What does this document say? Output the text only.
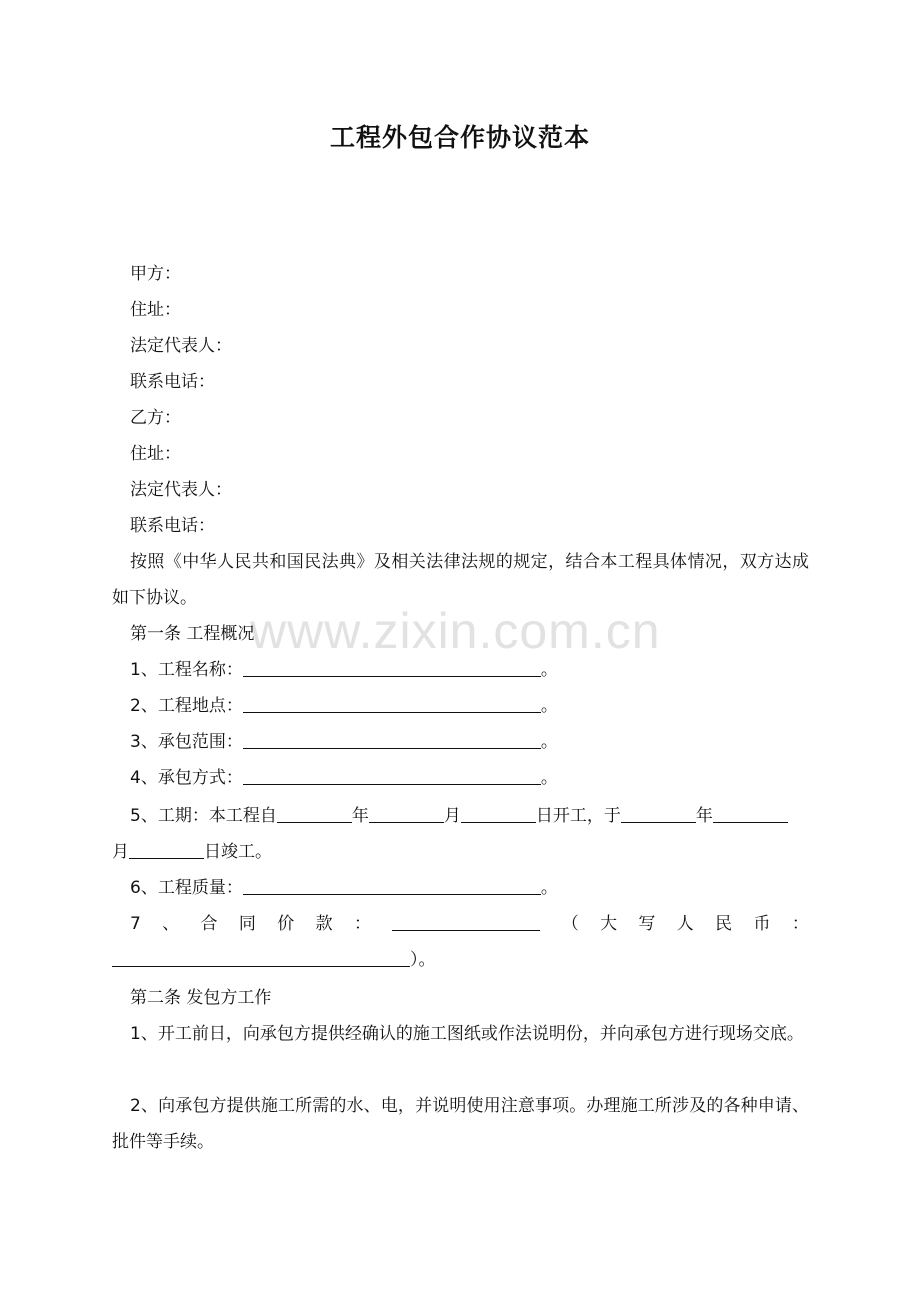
www.zixin.com.cn
工程外包合作协议范本
甲方：
住址：
法定代表人：
联系电话：
乙方：
住址：
法定代表人：
联系电话：
按照《中华人民共和国民法典》及相关法律法规的规定，结合本工程具体情况，双方达成如下协议。
第一条 工程概况
1、工程名称：	。
2、工程地点：	。
3、承包范围：	。
4、承包方式：	。
5、工期：本工程自	年	月	日开工，于	年
月	日竣工。
6、工程质量：	。
7 、 合 同 价 款 ：	（ 大 写 人 民 币 ：
）。
第二条 发包方工作
1、开工前日，向承包方提供经确认的施工图纸或作法说明份，并向承包方进行现场交底。
2、向承包方提供施工所需的水、电，并说明使用注意事项。办理施工所涉及的各种申请、批件等手续。
